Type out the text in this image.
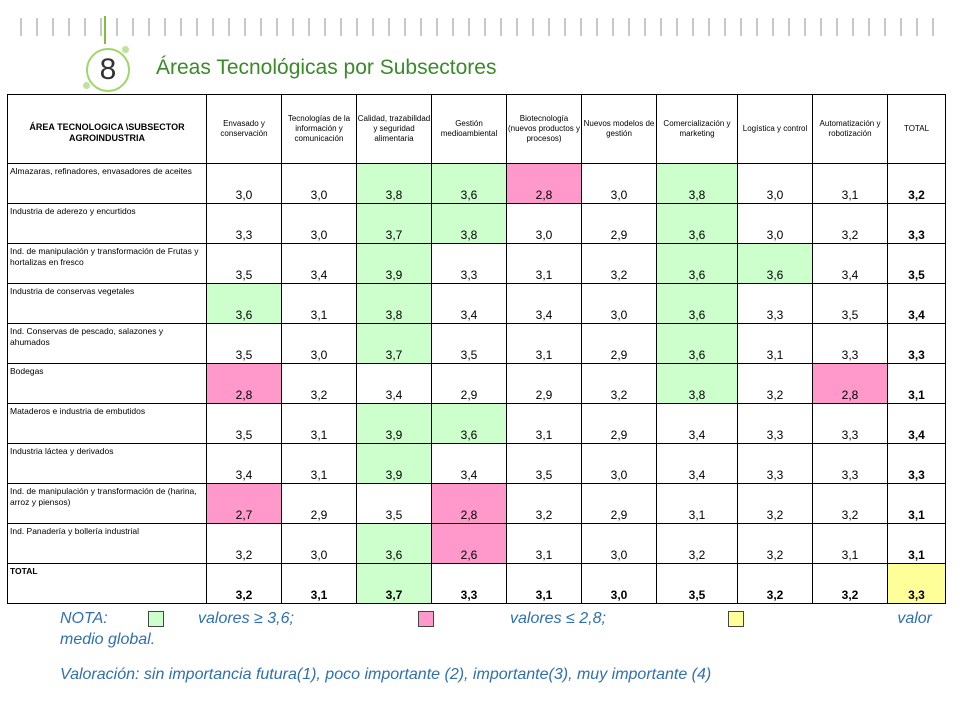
8 Áreas Tecnológicas por Subsectores
ÁREA TECNOLOGICA \SUBSECTOR AGROINDUSTRIA	Envasado y conservación	Tecnologías de la información y comunicación	Calidad, trazabilidad y seguridad alimentaria	Gestión medioambiental	Biotecnología (nuevos productos y procesos)	Nuevos modelos de gestión	Comercialización y marketing	Logística y control	Automatización y robotización	TOTAL
Almazaras, refinadores, envasadores de aceites	3,0	3,0	3,8	3,6	2,8	3,0	3,8	3,0	3,1	3,2
Industria de aderezo y encurtidos	3,3	3,0	3,7	3,8	3,0	2,9	3,6	3,0	3,2	3,3
Ind. de manipulación y transformación de Frutas y hortalizas en fresco	3,5	3,4	3,9	3,3	3,1	3,2	3,6	3,6	3,4	3,5
Industria de conservas vegetales	3,6	3,1	3,8	3,4	3,4	3,0	3,6	3,3	3,5	3,4
Ind. Conservas de pescado, salazones y ahumados	3,5	3,0	3,7	3,5	3,1	2,9	3,6	3,1	3,3	3,3
Bodegas	2,8	3,2	3,4	2,9	2,9	3,2	3,8	3,2	2,8	3,1
Mataderos e industria de embutidos	3,5	3,1	3,9	3,6	3,1	2,9	3,4	3,3	3,3	3,4
Industria láctea y derivados	3,4	3,1	3,9	3,4	3,5	3,0	3,4	3,3	3,3	3,3
Ind. de manipulación y transformación de (harina, arroz y piensos)	2,7	2,9	3,5	2,8	3,2	2,9	3,1	3,2	3,2	3,1
Ind. Panadería y bollería industrial	3,2	3,0	3,6	2,6	3,1	3,0	3,2	3,2	3,1	3,1
TOTAL	3,2	3,1	3,7	3,3	3,1	3,0	3,5	3,2	3,2	3,3
NOTA:	valores ≥ 3,6;	valores ≤ 2,8;	valor
medio global.
Valoración: sin importancia futura(1), poco importante (2), importante(3), muy importante (4)
